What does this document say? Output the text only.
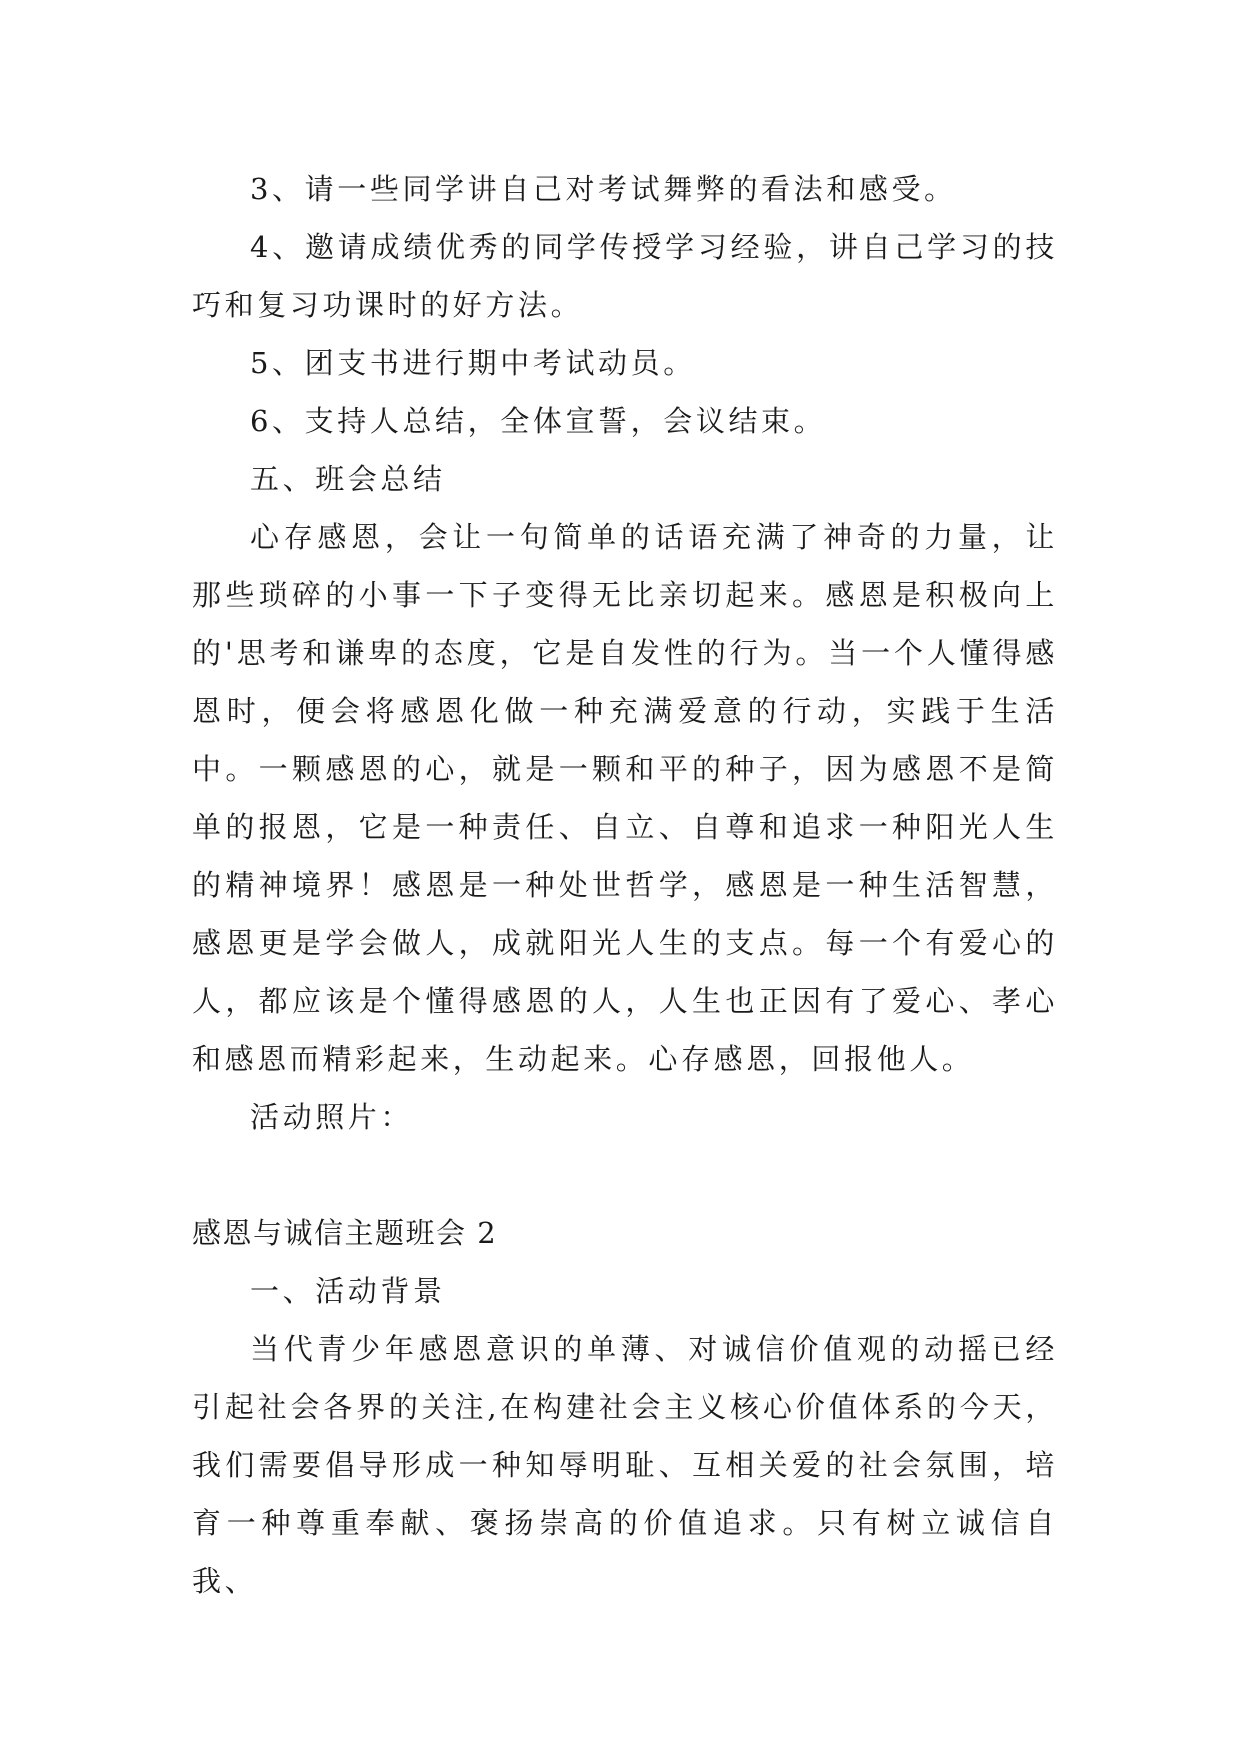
3、请一些同学讲自己对考试舞弊的看法和感受。

4、邀请成绩优秀的同学传授学习经验，讲自己学习的技巧和复习功课时的好方法。

5、团支书进行期中考试动员。

6、支持人总结，全体宣誓，会议结束。

五、班会总结

心存感恩，会让一句简单的话语充满了神奇的力量，让那些琐碎的小事一下子变得无比亲切起来。感恩是积极向上的'思考和谦卑的态度，它是自发性的行为。当一个人懂得感恩时，便会将感恩化做一种充满爱意的行动，实践于生活中。一颗感恩的心，就是一颗和平的种子，因为感恩不是简单的报恩，它是一种责任、自立、自尊和追求一种阳光人生的精神境界！感恩是一种处世哲学，感恩是一种生活智慧，感恩更是学会做人，成就阳光人生的支点。每一个有爱心的人，都应该是个懂得感恩的人，人生也正因有了爱心、孝心和感恩而精彩起来，生动起来。心存感恩，回报他人。

活动照片：

感恩与诚信主题班会 2

一、活动背景

当代青少年感恩意识的单薄、对诚信价值观的动摇已经引起社会各界的关注,在构建社会主义核心价值体系的今天，我们需要倡导形成一种知辱明耻、互相关爱的社会氛围，培育一种尊重奉献、褒扬崇高的价值追求。只有树立诚信自我、
